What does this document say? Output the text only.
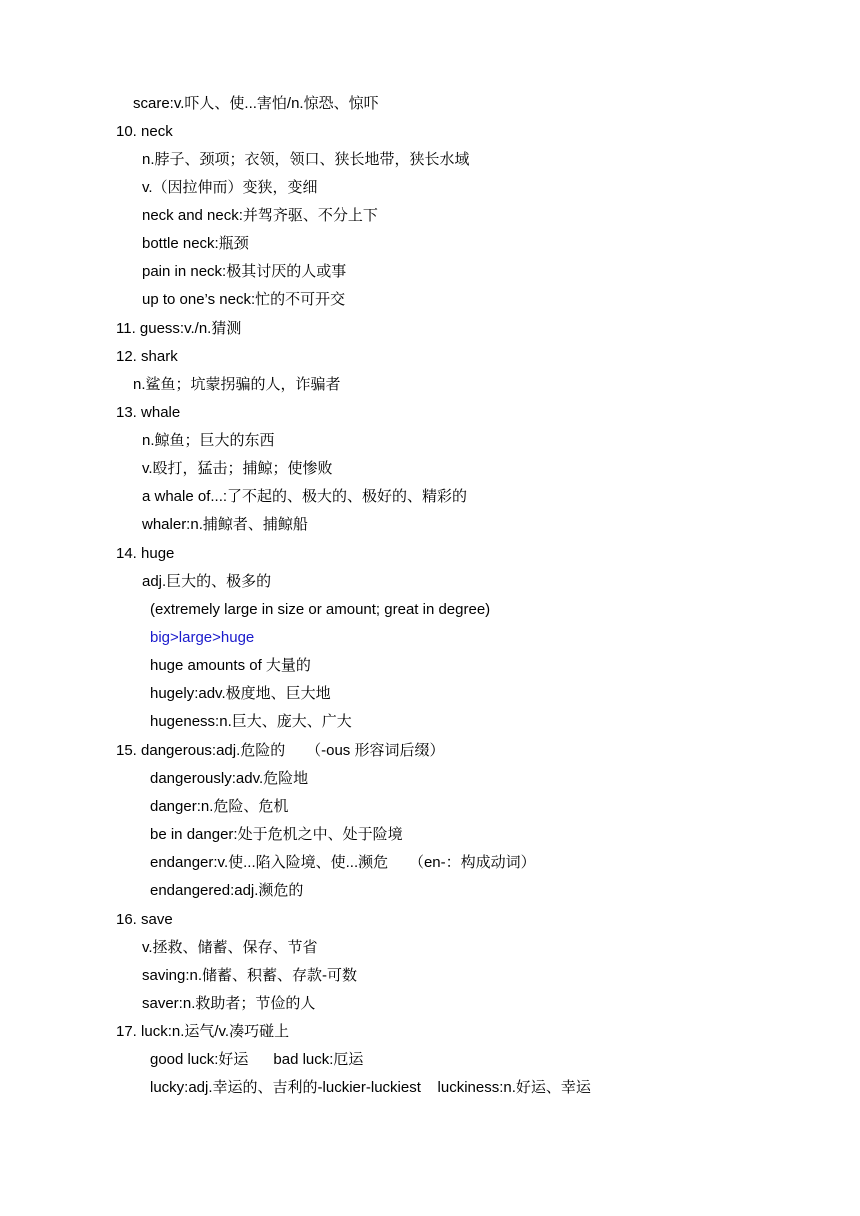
scare:v.吓人、使...害怕/n.惊恐、惊吓
10. neck
n.脖子、颈项；衣领，领口、狭长地带，狭长水域
v.（因拉伸而）变狭，变细
neck and neck:并驾齐驱、不分上下
bottle neck:瓶颈
pain in neck:极其讨厌的人或事
up to one’s neck:忙的不可开交
11. guess:v./n.猜测
12. shark
n.鲨鱼；坑蒙拐骗的人，诈骗者
13. whale
n.鲸鱼；巨大的东西
v.殴打，猛击；捕鲸；使惨败
a whale of...:了不起的、极大的、极好的、精彩的
whaler:n.捕鲸者、捕鲸船
14. huge
adj.巨大的、极多的
(extremely large in size or amount; great in degree)
big>large>huge
huge amounts of 大量的
hugely:adv.极度地、巨大地
hugeness:n.巨大、庞大、广大
15. dangerous:adj.危险的     （-ous 形容词后缀）
dangerously:adv.危险地
danger:n.危险、危机
be in danger:处于危机之中、处于险境
endanger:v.使...陷入险境、使...濒危     （en-：构成动词）
endangered:adj.濒危的
16. save
v.拯救、储蓄、保存、节省
saving:n.储蓄、积蓄、存款-可数
saver:n.救助者；节俭的人
17. luck:n.运气/v.凑巧碰上
good luck:好运      bad luck:厄运
lucky:adj.幸运的、吉利的-luckier-luckiest    luckiness:n.好运、幸运
